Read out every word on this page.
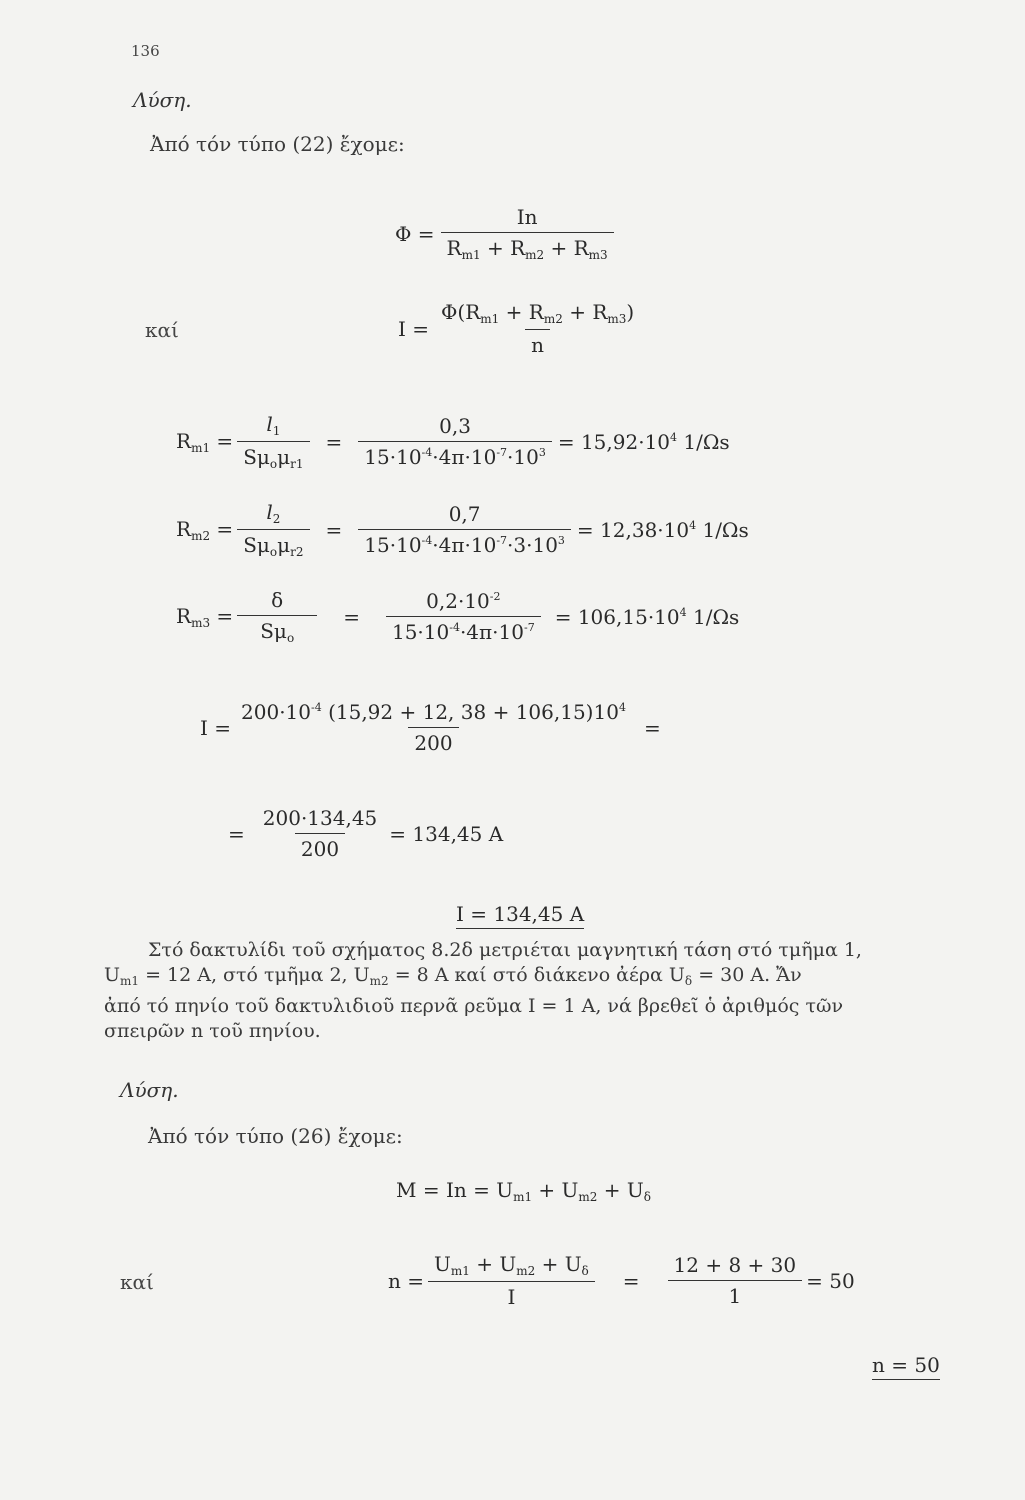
136
Λύση.
Ἀπό τόν τύπο (22) ἔχομε:
$\Phi = \frac{In}{R_{m1} + R_{m2} + R_{m3}}$
καί	$I = \frac{\Phi(R_{m1} + R_{m2} + R_{m3})}{n}$
$R_{m1} = \frac{l_1}{S\mu_o\mu_{r1}} = \frac{0,3}{15\cdot 10^{-4}\cdot 4\pi\cdot 10^{-7}\cdot 10^3} = 15,92\cdot 10^4$ 1/Ωs
$R_{m2} = \frac{l_2}{S\mu_o\mu_{r2}} = \frac{0,7}{15\cdot 10^{-4}\cdot 4\pi\cdot 10^{-7}\cdot 3\cdot 10^3} = 12,38\cdot 10^4$ 1/Ωs
$R_{m3} = \frac{\delta}{S\mu_o} = \frac{0,2\cdot 10^{-2}}{15\cdot 10^{-4}\cdot 4\pi\cdot 10^{-7}} = 106,15\cdot 10^4$ 1/Ωs
$I = \frac{200\cdot 10^{-4} (15,92 + 12, 38 + 106,15)10^4}{200}$ =
= $\frac{200\cdot 134,45}{200} = 134,45$ A
I = 134,45 A
Στό δακτυλίδι τοῦ σχήματος 8.2δ μετριέται μαγνητική τάση στό τμῆμα 1,
$U_{m1} = 12$ A, στό τμῆμα 2, $U_{m2} = 8$ A καί στό διάκενο ἀέρα $U_\delta = 30$ A. Ἄν
ἀπό τό πηνίο τοῦ δακτυλιδιοῦ περνᾶ ρεῦμα I = 1 A, νά βρεθεῖ ὁ ἀριθμός τῶν
σπειρῶν n τοῦ πηνίου.
Λύση.
Ἀπό τόν τύπο (26) ἔχομε:
$M = In = U_{m1} + U_{m2} + U_\delta$
καί	$n = \frac{U_{m1} + U_{m2} + U_\delta}{I} = \frac{12 + 8 + 30}{1} = 50$
n = 50
